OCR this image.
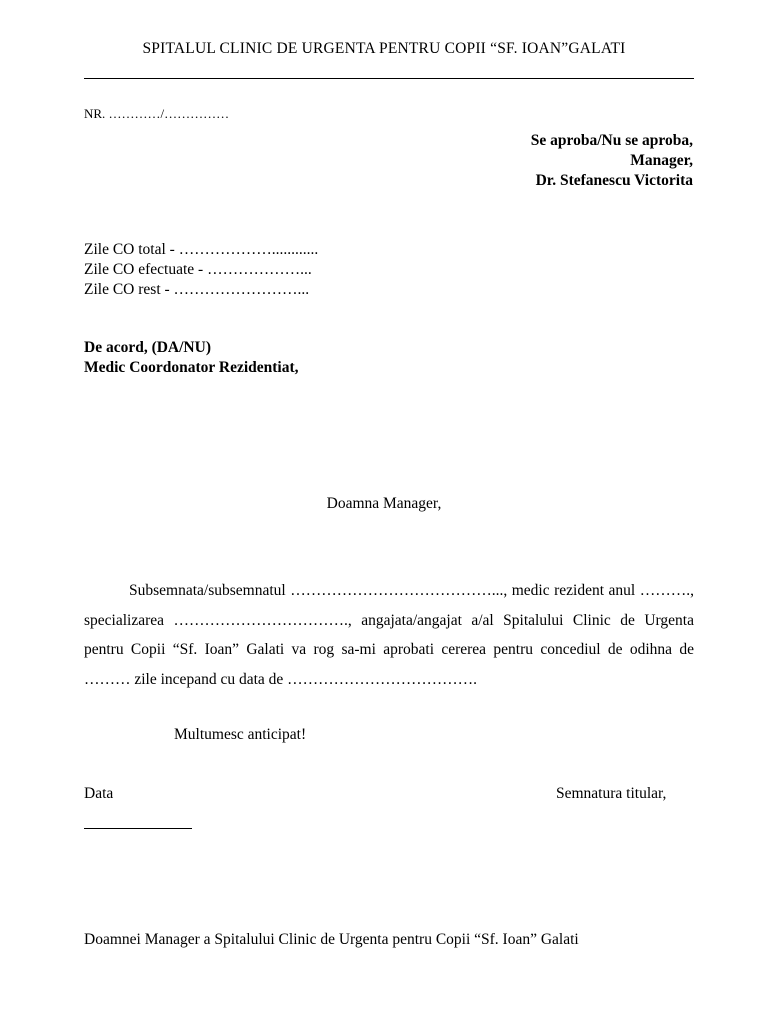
SPITALUL CLINIC DE URGENTA PENTRU COPII “SF. IOAN”GALATI
NR. …………/……………
Se aproba/Nu se aproba,
Manager,
Dr. Stefanescu Victorita
Zile CO total - ………………............
Zile CO efectuate - ………………...
Zile CO rest - ……………………...
De acord, (DA/NU)
Medic Coordonator Rezidentiat,
Doamna Manager,
Subsemnata/subsemnatul …………………………………..., medic rezident anul ………., specializarea ……………………………., angajata/angajat a/al Spitalului Clinic de Urgenta pentru Copii “Sf. Ioan” Galati va rog sa-mi aprobati cererea pentru concediul de odihna de ……… zile incepand cu data de ……………………………….
Multumesc anticipat!
Data	Semnatura titular,
Doamnei Manager a Spitalului Clinic de Urgenta pentru Copii “Sf. Ioan” Galati
